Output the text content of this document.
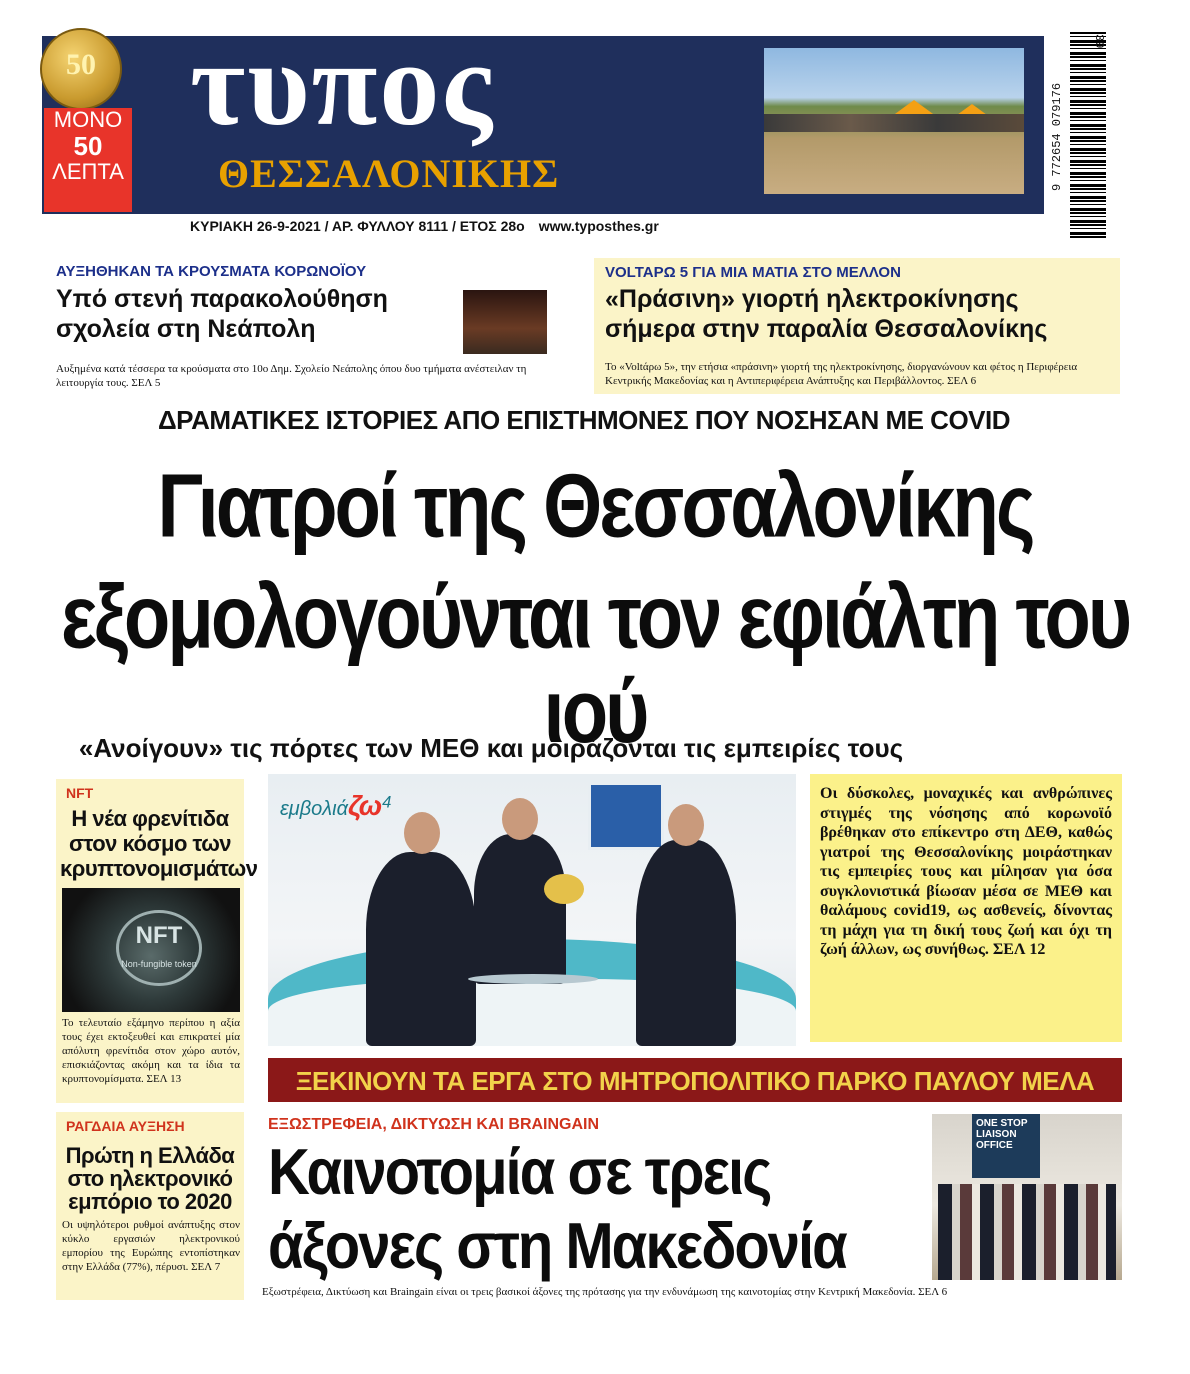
50
ΜΟΝΟ
50
ΛΕΠΤΑ
τυπος
ΘΕΣΣΑΛΟΝΙΚΗΣ
ΚΥΡΙΑΚΗ 26-9-2021 / ΑΡ. ΦΥΛΛΟΥ 8111 / ΕΤΟΣ 28ο www.typosthes.gr
9 772654 079176
39
ΑΥΞΗΘΗΚΑΝ ΤΑ ΚΡΟΥΣΜΑΤΑ ΚΟΡΩΝΟΪΟΥ
Υπό στενή παρακολούθηση σχολεία στη Νεάπολη
Αυξημένα κατά τέσσερα τα κρούσματα στο 10ο Δημ. Σχολείο Νεάπολης όπου δυο τμήματα ανέστειλαν τη λειτουργία τους. ΣΕΛ 5
VOLTAPΩ 5 ΓΙΑ ΜΙΑ ΜΑΤΙΑ ΣΤΟ ΜΕΛΛΟΝ
«Πράσινη» γιορτή ηλεκτροκίνησης σήμερα στην παραλία Θεσσαλονίκης
Το «Voltάρω 5», την ετήσια «πράσινη» γιορτή της ηλεκτροκίνησης, διοργανώνουν και φέτος η Περιφέρεια Κεντρικής Μακεδονίας και η Αντιπεριφέρεια Ανάπτυξης και Περιβάλλοντος. ΣΕΛ 6
ΔΡΑΜΑΤΙΚΕΣ ΙΣΤΟΡΙΕΣ ΑΠΟ ΕΠΙΣΤΗΜΟΝΕΣ ΠΟΥ ΝΟΣΗΣΑΝ ΜΕ COVID
Γιατροί της Θεσσαλονίκης
εξομολογούνται τον εφιάλτη του ιού
«Ανοίγουν» τις πόρτες των ΜΕΘ και μοιράζονται τις εμπειρίες τους
NFT
Η νέα φρενίτιδα στον κόσμο των κρυπτονομισμάτων
NFT
Non-fungible token
Το τελευταίο εξάμηνο περίπου η αξία τους έχει εκτοξευθεί και επικρατεί μία απόλυτη φρενίτιδα στον χώρο αυτόν, επισκιάζοντας ακόμη και τα ίδια τα κρυπτονομίσματα. ΣΕΛ 13
ΡΑΓΔΑΙΑ ΑΥΞΗΣΗ
Πρώτη η Ελλάδα στο ηλεκτρονικό εμπόριο το 2020
Οι υψηλότεροι ρυθμοί ανάπτυξης στον κύκλο εργασιών ηλεκτρονικού εμπορίου της Ευρώπης εντοπίστηκαν στην Ελλάδα (77%), πέρυσι. ΣΕΛ 7
εμβολιάζω$^4$	Οι δύσκολες, μοναχικές και ανθρώπινες στιγμές της νόσησης από κορωνοϊό βρέθηκαν στο επίκεντρο στη ΔΕΘ, καθώς γιατροί της Θεσσαλονίκης μοιράστηκαν τις εμπειρίες τους και μίλησαν για όσα συγκλονιστικά βίωσαν μέσα σε ΜΕΘ και θαλάμους covid19, ως ασθενείς, δίνοντας τη μάχη για τη δική τους ζωή και όχι τη ζωή άλλων, ως συνήθως. ΣΕΛ 12
ΞΕΚΙΝΟΥΝ ΤΑ ΕΡΓΑ ΣΤΟ ΜΗΤΡΟΠΟΛΙΤΙΚΟ ΠΑΡΚΟ ΠΑΥΛΟΥ ΜΕΛΑ
ΕΞΩΣΤΡΕΦΕΙΑ, ΔΙΚΤΥΩΣΗ ΚΑΙ BRAINGAIN
Καινοτομία σε τρεις
άξονες στη Μακεδονία
ONE STOP LIAISON OFFICE
Εξωστρέφεια, Δικτύωση και Braingain είναι οι τρεις βασικοί άξονες της πρότασης για την ενδυνάμωση της καινοτομίας στην Κεντρική Μακεδονία. ΣΕΛ 6
